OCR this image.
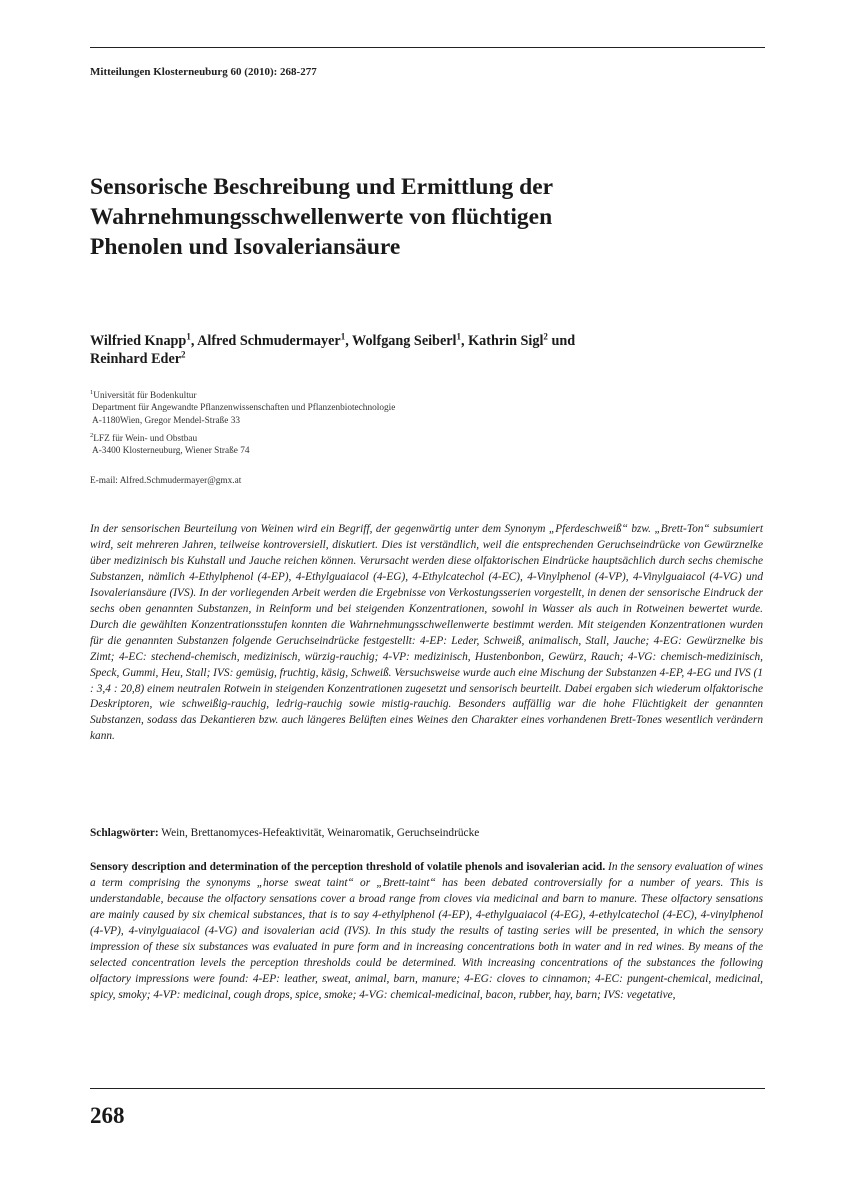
Mitteilungen Klosterneuburg 60 (2010): 268-277
Sensorische Beschreibung und Ermittlung der
Wahrnehmungsschwellenwerte von flüchtigen
Phenolen und Isovaleriansäure
Wilfried Knapp$^1$, Alfred Schmudermayer$^1$, Wolfgang Seiberl$^1$, Kathrin Sigl$^2$ und
Reinhard Eder$^2$
$^1$Universität für Bodenkultur
Department für Angewandte Pflanzenwissenschaften und Pflanzenbiotechnologie
A-1180Wien, Gregor Mendel-Straße 33
$^2$LFZ für Wein- und Obstbau
A-3400 Klosterneuburg, Wiener Straße 74
E-mail: Alfred.Schmudermayer@gmx.at
In der sensorischen Beurteilung von Weinen wird ein Begriff, der gegenwärtig unter dem Synonym „Pferdeschweiß“ bzw. „Brett-Ton“ subsumiert wird, seit mehreren Jahren, teilweise kontroversiell, diskutiert. Dies ist verständlich, weil die entsprechenden Geruchseindrücke von Gewürznelke über medizinisch bis Kuhstall und Jauche reichen können. Verursacht werden diese olfaktorischen Eindrücke hauptsächlich durch sechs chemische Substanzen, nämlich 4-Ethylphenol (4-EP), 4-Ethylguaiacol (4-EG), 4-Ethylcatechol (4-EC), 4-Vinylphenol (4-VP), 4-Vinylguaiacol (4-VG) und Isovaleriansäure (IVS). In der vorliegenden Arbeit werden die Ergebnisse von Verkostungsserien vorgestellt, in denen der sensorische Eindruck der sechs oben genannten Substanzen, in Reinform und bei steigenden Konzentrationen, sowohl in Wasser als auch in Rotweinen bewertet wurde. Durch die gewählten Konzentrationsstufen konnten die Wahrnehmungsschwellenwerte bestimmt werden. Mit steigenden Konzentrationen wurden für die genannten Substanzen folgende Geruchseindrücke festgestellt: 4-EP: Leder, Schweiß, animalisch, Stall, Jauche; 4-EG: Gewürznelke bis Zimt; 4-EC: stechend-chemisch, medizinisch, würzig-rauchig; 4-VP: medizinisch, Hustenbonbon, Gewürz, Rauch; 4-VG: chemisch-medizinisch, Speck, Gummi, Heu, Stall; IVS: gemüsig, fruchtig, käsig, Schweiß. Versuchsweise wurde auch eine Mischung der Substanzen 4-EP, 4-EG und IVS (1 : 3,4 : 20,8) einem neutralen Rotwein in steigenden Konzentrationen zugesetzt und sensorisch beurteilt. Dabei ergaben sich wiederum olfaktorische Deskriptoren, wie schweißig-rauchig, ledrig-rauchig sowie mistig-rauchig. Besonders auffällig war die hohe Flüchtigkeit der genannten Substanzen, sodass das Dekantieren bzw. auch längeres Belüften eines Weines den Charakter eines vorhandenen Brett-Tones wesentlich verändern kann.
Schlagwörter: Wein, Brettanomyces-Hefeaktivität, Weinaromatik, Geruchseindrücke
Sensory description and determination of the perception threshold of volatile phenols and isovalerian acid. In the sensory evaluation of wines a term comprising the synonyms „horse sweat taint“ or „Brett-taint“ has been debated controversially for a number of years. This is understandable, because the olfactory sensations cover a broad range from cloves via medicinal and barn to manure. These olfactory sensations are mainly caused by six chemical substances, that is to say 4-ethylphenol (4-EP), 4-ethylguaiacol (4-EG), 4-ethylcatechol (4-EC), 4-vinylphenol (4-VP), 4-vinylguaiacol (4-VG) and isovalerian acid (IVS). In this study the results of tasting series will be presented, in which the sensory impression of these six substances was evaluated in pure form and in increasing concentrations both in water and in red wines. By means of the selected concentration levels the perception thresholds could be determined. With increasing concentrations of the substances the following olfactory impressions were found: 4-EP: leather, sweat, animal, barn, manure; 4-EG: cloves to cinnamon; 4-EC: pungent-chemical, medicinal, spicy, smoky; 4-VP: medicinal, cough drops, spice, smoke; 4-VG: chemical-medicinal, bacon, rubber, hay, barn; IVS: vegetative,
268
